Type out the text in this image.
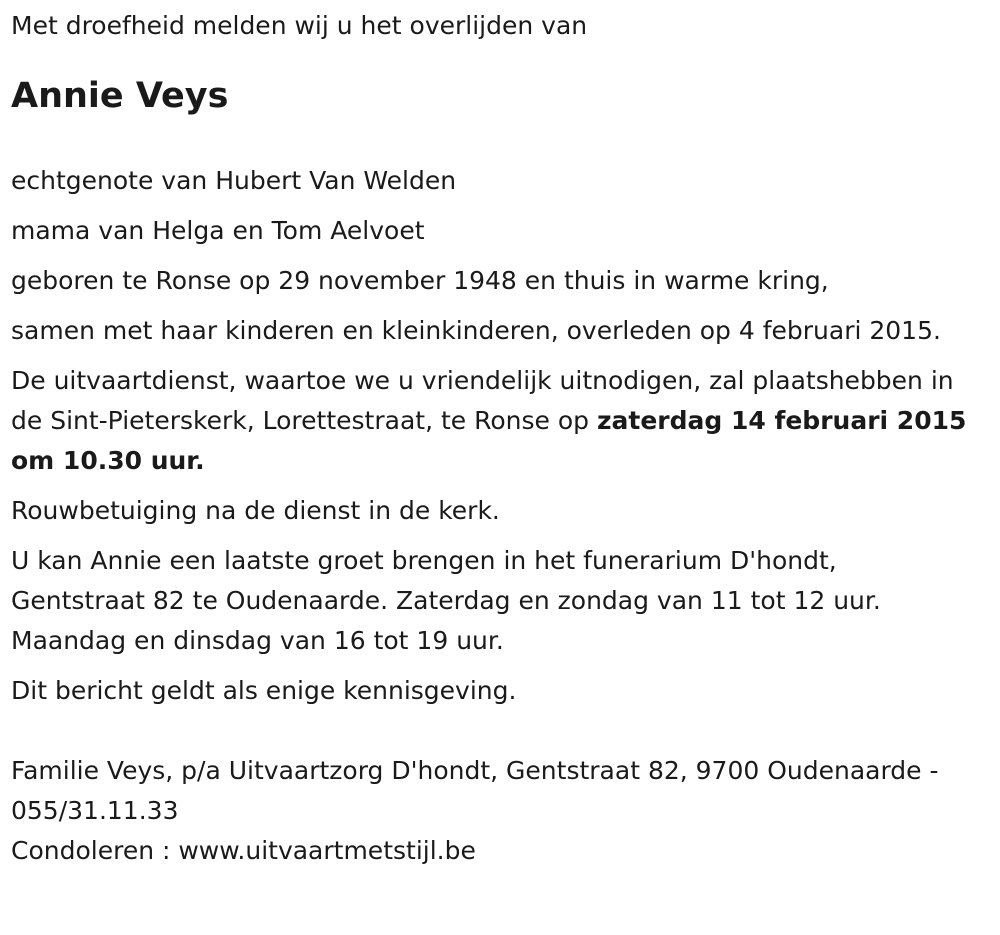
Met droefheid melden wij u het overlijden van

Annie Veys

echtgenote van Hubert Van Welden

mama van Helga en Tom Aelvoet

geboren te Ronse op 29 november 1948 en thuis in warme kring,

samen met haar kinderen en kleinkinderen, overleden op 4 februari 2015.

De uitvaartdienst, waartoe we u vriendelijk uitnodigen, zal plaatshebben in de Sint-Pieterskerk, Lorettestraat, te Ronse op zaterdag 14 februari 2015 om 10.30 uur.

Rouwbetuiging na de dienst in de kerk.

U kan Annie een laatste groet brengen in het funerarium D'hondt,

Gentstraat 82 te Oudenaarde. Zaterdag en zondag van 11 tot 12 uur.

Maandag en dinsdag van 16 tot 19 uur.

Dit bericht geldt als enige kennisgeving.

Familie Veys, p/a Uitvaartzorg D'hondt, Gentstraat 82, 9700 Oudenaarde - 055/31.11.33

Condoleren : www.uitvaartmetstijl.be
